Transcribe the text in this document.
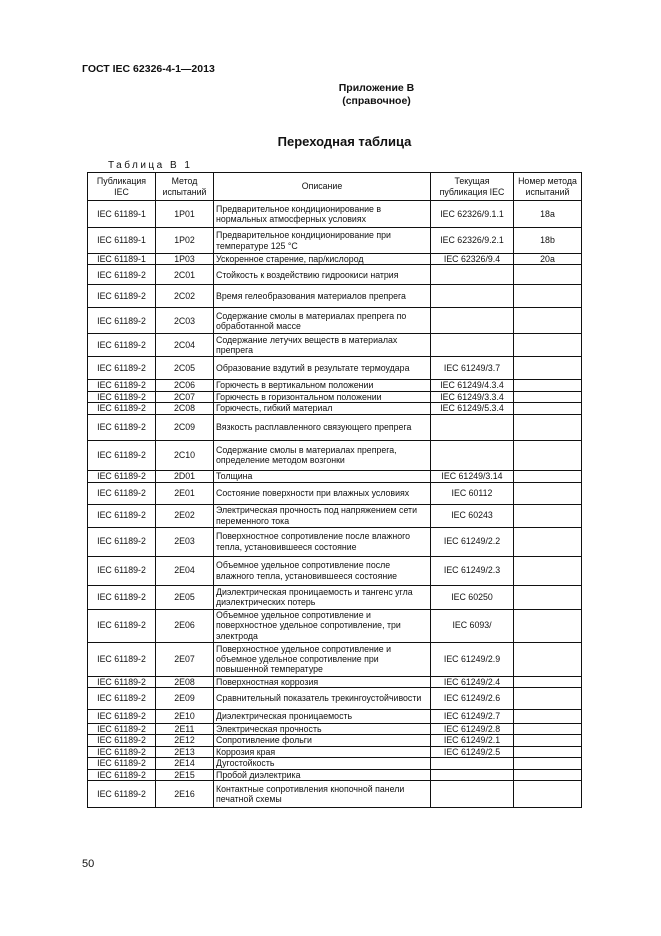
ГОСТ IEC 62326-4-1—2013
Приложение В
(справочное)
Переходная таблица
Таблица В 1
Публикация IEC	Метод испытаний	Описание	Текущая публикация IEC	Номер метода испытаний
IEC 61189-1	1P01	Предварительное кондиционирование в нормальных атмосферных условиях	IEC 62326/9.1.1	18a
IEC 61189-1	1P02	Предварительное кондиционирование при температуре 125 °С	IEC 62326/9.2.1	18b
IEC 61189-1	1P03	Ускоренное старение, пар/кислород	IEC 62326/9.4	20a
IEC 61189-2	2C01	Стойкость к воздействию гидроокиси натрия		
IEC 61189-2	2C02	Время гелеобразования материалов препрега		
IEC 61189-2	2C03	Содержание смолы в материалах препрега по обработанной массе		
IEC 61189-2	2C04	Содержание летучих веществ в материалах препрега		
IEC 61189-2	2C05	Образование вздутий в результате термоудара	IEC 61249/3.7	
IEC 61189-2	2C06	Горючесть в вертикальном положении	IEC 61249/4.3.4	
IEC 61189-2	2C07	Горючесть в горизонтальном положении	IEC 61249/3.3.4	
IEC 61189-2	2C08	Горючесть, гибкий материал	IEC 61249/5.3.4	
IEC 61189-2	2C09	Вязкость расплавленного связующего препрега		
IEC 61189-2	2C10	Содержание смолы в материалах препрега, определение методом возгонки		
IEC 61189-2	2D01	Толщина	IEC 61249/3.14	
IEC 61189-2	2E01	Состояние поверхности при влажных условиях	IEC 60112	
IEC 61189-2	2E02	Электрическая прочность под напряжением сети переменного тока	IEC 60243	
IEC 61189-2	2E03	Поверхностное сопротивление после влажного тепла, установившееся состояние	IEC 61249/2.2	
IEC 61189-2	2E04	Объемное удельное сопротивление после влажного тепла, установившееся состояние	IEC 61249/2.3	
IEC 61189-2	2E05	Диэлектрическая проницаемость и тангенс угла диэлектрических потерь	IEC 60250	
IEC 61189-2	2E06	Объемное удельное сопротивление и поверхностное удельное сопротивление, три электрода	IEC 6093/	
IEC 61189-2	2E07	Поверхностное удельное сопротивление и объемное удельное сопротивление при повышенной температуре	IEC 61249/2.9	
IEC 61189-2	2E08	Поверхностная коррозия	IEC 61249/2.4	
IEC 61189-2	2E09	Сравнительный показатель трекингоустойчивости	IEC 61249/2.6	
IEC 61189-2	2E10	Диэлектрическая проницаемость	IEC 61249/2.7	
IEC 61189-2	2E11	Электрическая прочность	IEC 61249/2.8	
IEC 61189-2	2E12	Сопротивление фольги	IEC 61249/2.1	
IEC 61189-2	2E13	Коррозия края	IEC 61249/2.5	
IEC 61189-2	2E14	Дугостойкость		
IEC 61189-2	2E15	Пробой диэлектрика		
IEC 61189-2	2E16	Контактные сопротивления кнопочной панели печатной схемы		
50
